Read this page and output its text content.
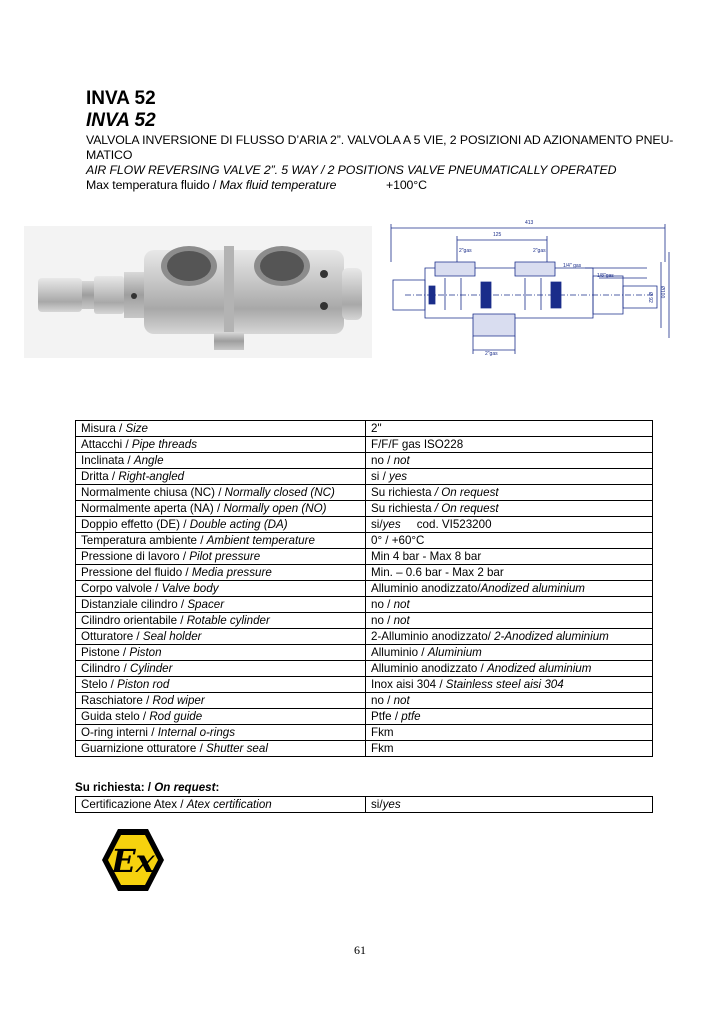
INVA 52
INVA 52
VALVOLA INVERSIONE DI FLUSSO D’ARIA 2”. VALVOLA A 5 VIE, 2 POSIZIONI AD AZIONAMENTO PNEU-
MATICO
AIR FLOW REVERSING VALVE 2”. 5 WAY / 2 POSITIONS VALVE PNEUMATICALLY OPERATED
Max temperatura fluido / Max fluid temperature	+100°C
413
125
2"gas	2"gas
1/4" gas
1/8"gas
2"gas
Ø100
Ø 92
Misura / Size	2"
Attacchi / Pipe threads	F/F/F gas ISO228
Inclinata / Angle	no / not
Dritta / Right-angled	si / yes
Normalmente chiusa (NC) / Normally closed (NC)	Su richiesta / On request
Normalmente aperta (NA) / Normally open (NO)	Su richiesta / On request
Doppio effetto (DE) / Double acting (DA)	si/yes     cod. VI523200
Temperatura ambiente / Ambient temperature	0° / +60°C
Pressione di lavoro / Pilot pressure	Min 4 bar - Max 8 bar
Pressione del fluido / Media pressure	Min. – 0.6 bar - Max 2 bar
Corpo valvole / Valve body	Alluminio anodizzato/Anodized aluminium
Distanziale cilindro / Spacer	no / not
Cilindro orientabile / Rotable cylinder	no / not
Otturatore / Seal holder	2-Alluminio anodizzato/ 2-Anodized aluminium
Pistone / Piston	Alluminio / Aluminium
Cilindro / Cylinder	Alluminio anodizzato / Anodized aluminium
Stelo / Piston rod	Inox aisi 304 / Stainless steel aisi 304
Raschiatore / Rod wiper	no / not
Guida stelo / Rod guide	Ptfe / ptfe
O-ring interni / Internal o-rings	Fkm
Guarnizione otturatore / Shutter seal	Fkm
Su richiesta: / On request:
Certificazione Atex / Atex certification	si/yes
Ex
61
